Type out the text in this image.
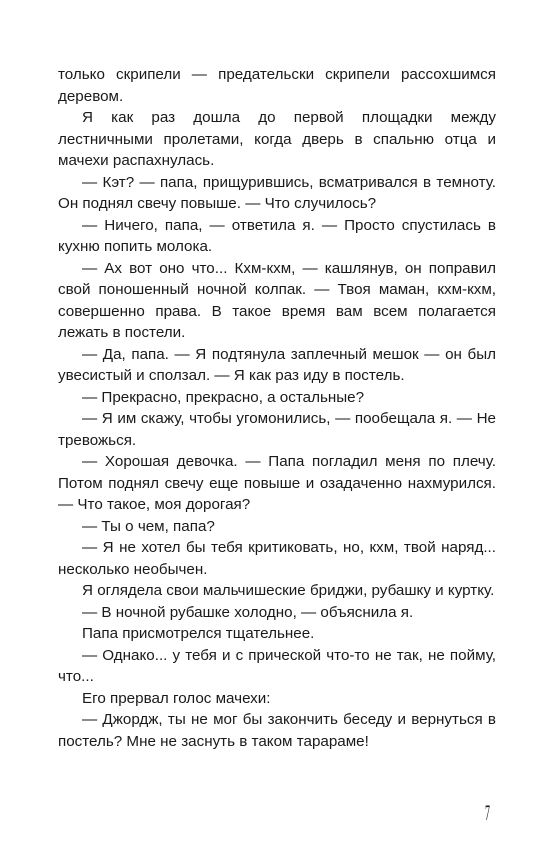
только скрипели — предательски скрипели рассохшимся деревом.

Я как раз дошла до первой площадки между лестничными пролетами, когда дверь в спальню отца и мачехи распахнулась.

— Кэт? — папа, прищурившись, всматривался в темноту. Он поднял свечу повыше. — Что случилось?

— Ничего, папа, — ответила я. — Просто спустилась в кухню попить молока.

— Ах вот оно что... Кхм-кхм, — кашлянув, он поправил свой поношенный ночной колпак. — Твоя маман, кхм-кхм, совершенно права. В такое время вам всем полагается лежать в постели.

— Да, папа. — Я подтянула заплечный мешок — он был увесистый и сползал. — Я как раз иду в постель.

— Прекрасно, прекрасно, а остальные?

— Я им скажу, чтобы угомонились, — пообещала я. — Не тревожься.

— Хорошая девочка. — Папа погладил меня по плечу. Потом поднял свечу еще повыше и озадаченно нахмурился. — Что такое, моя дорогая?

— Ты о чем, папа?

— Я не хотел бы тебя критиковать, но, кхм, твой наряд... несколько необычен.

Я оглядела свои мальчишеские бриджи, рубашку и куртку.

— В ночной рубашке холодно, — объяснила я.

Папа присмотрелся тщательнее.

— Однако... у тебя и с прической что-то не так, не пойму, что...

Его прервал голос мачехи:

— Джордж, ты не мог бы закончить беседу и вернуться в постель? Мне не заснуть в таком тарараме!

7
